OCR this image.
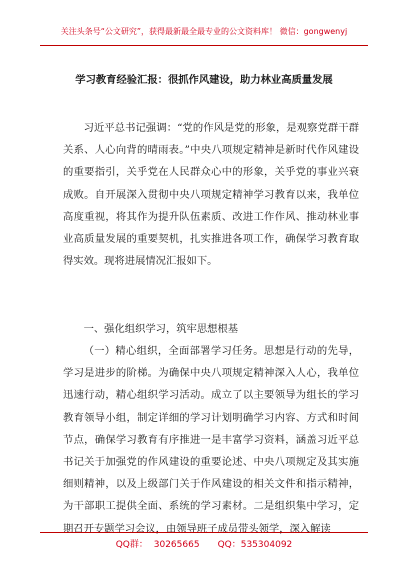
关注头条号“公文研究”，获得最新最全最专业的公文资料库！ 微信：gongwenyj
学习教育经验汇报：很抓作风建设，助力林业高质量发展

习近平总书记强调：“党的作风是党的形象，是观察党群干群关系、人心向背的晴雨表。”中央八项规定精神是新时代作风建设的重要指引，关乎党在人民群众心中的形象，关乎党的事业兴衰成败。自开展深入贯彻中央八项规定精神学习教育以来，我单位高度重视，将其作为提升队伍素质、改进工作作风、推动林业事业高质量发展的重要契机，扎实推进各项工作，确保学习教育取得实效。现将进展情况汇报如下。

一、强化组织学习，筑牢思想根基

（一）精心组织，全面部署学习任务。思想是行动的先导，学习是进步的阶梯。为确保中央八项规定精神深入人心，我单位迅速行动，精心组织学习活动。成立了以主要领导为组长的学习教育领导小组，制定详细的学习计划明确学习内容、方式和时间节点，确保学习教育有序推进一是丰富学习资料，涵盖习近平总书记关于加强党的作风建设的重要论述、中央八项规定及其实施细则精神，以及上级部门关于作风建设的相关文件和指示精神，为干部职工提供全面、系统的学习素材。二是组织集中学习，定期召开专题学习会议，由领导班子成员带头领学，深入解读

QQ群： 30265665 QQ：535304092
